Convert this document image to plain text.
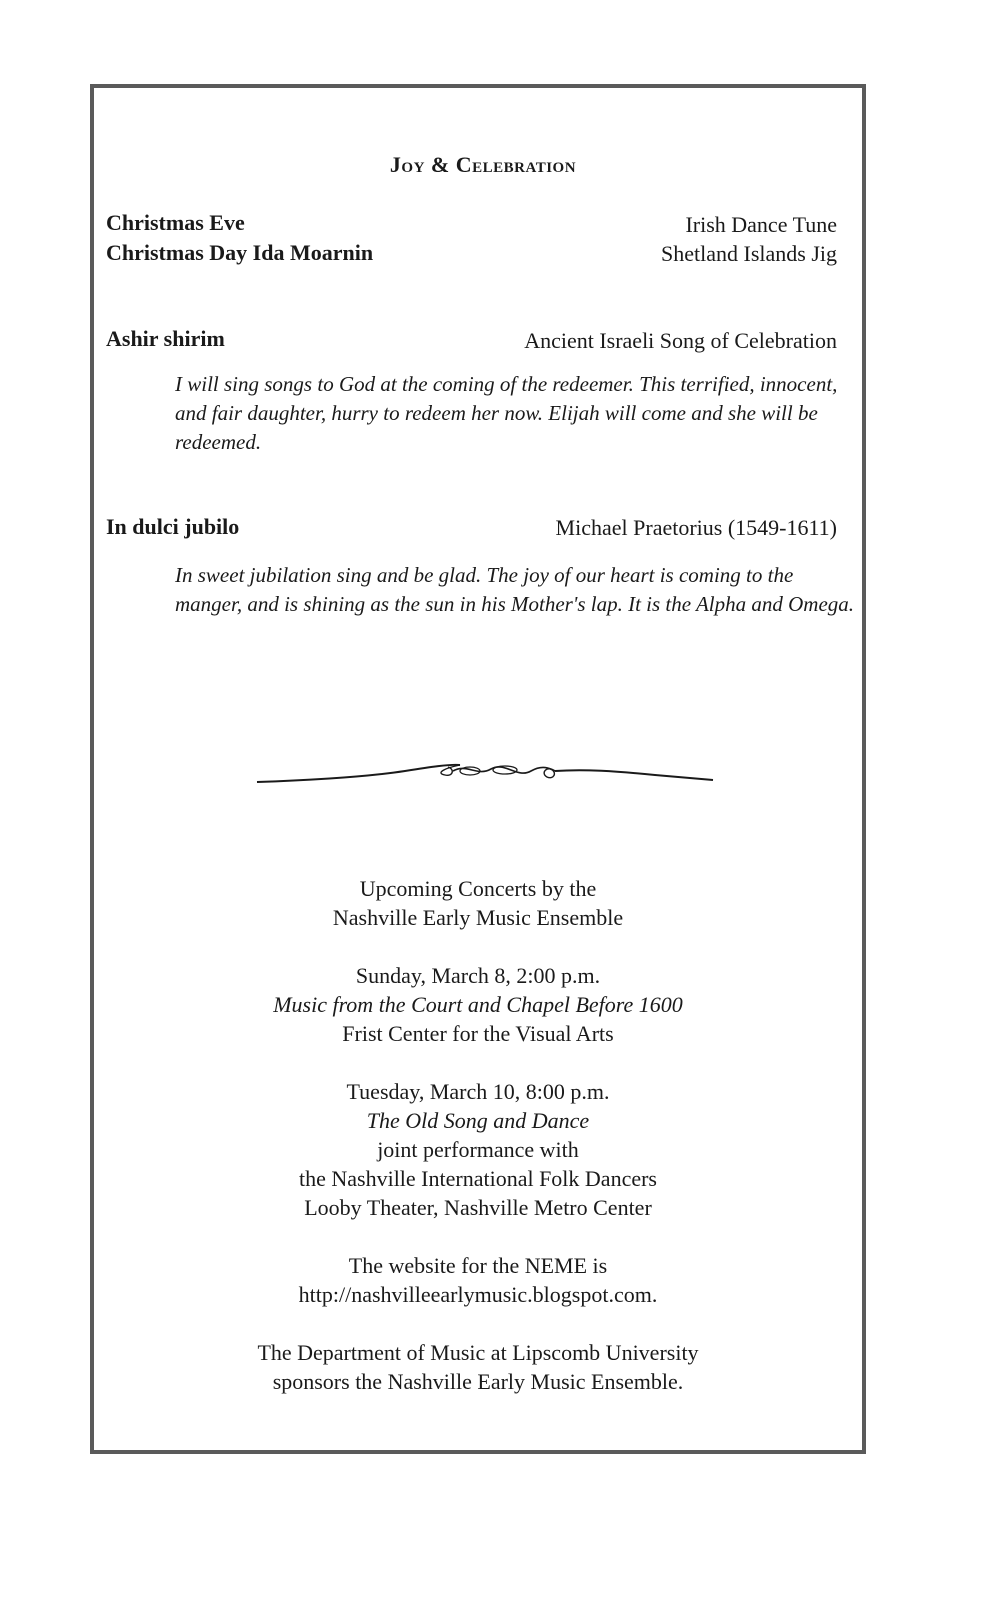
Joy & Celebration
Christmas Eve	Irish Dance Tune
Christmas Day Ida Moarnin	Shetland Islands Jig
Ashir shirim	Ancient Israeli Song of Celebration
I will sing songs to God at the coming of the redeemer. This terrified, innocent, and fair daughter, hurry to redeem her now. Elijah will come and she will be redeemed.
In dulci jubilo	Michael Praetorius (1549-1611)
In sweet jubilation sing and be glad. The joy of our heart is coming to the manger, and is shining as the sun in his Mother's lap. It is the Alpha and Omega.
Upcoming Concerts by the
Nashville Early Music Ensemble
Sunday, March 8, 2:00 p.m.
Music from the Court and Chapel Before 1600
Frist Center for the Visual Arts
Tuesday, March 10, 8:00 p.m.
The Old Song and Dance
joint performance with
the Nashville International Folk Dancers
Looby Theater, Nashville Metro Center
The website for the NEME is
http://nashvilleearlymusic.blogspot.com.
The Department of Music at Lipscomb University
sponsors the Nashville Early Music Ensemble.
